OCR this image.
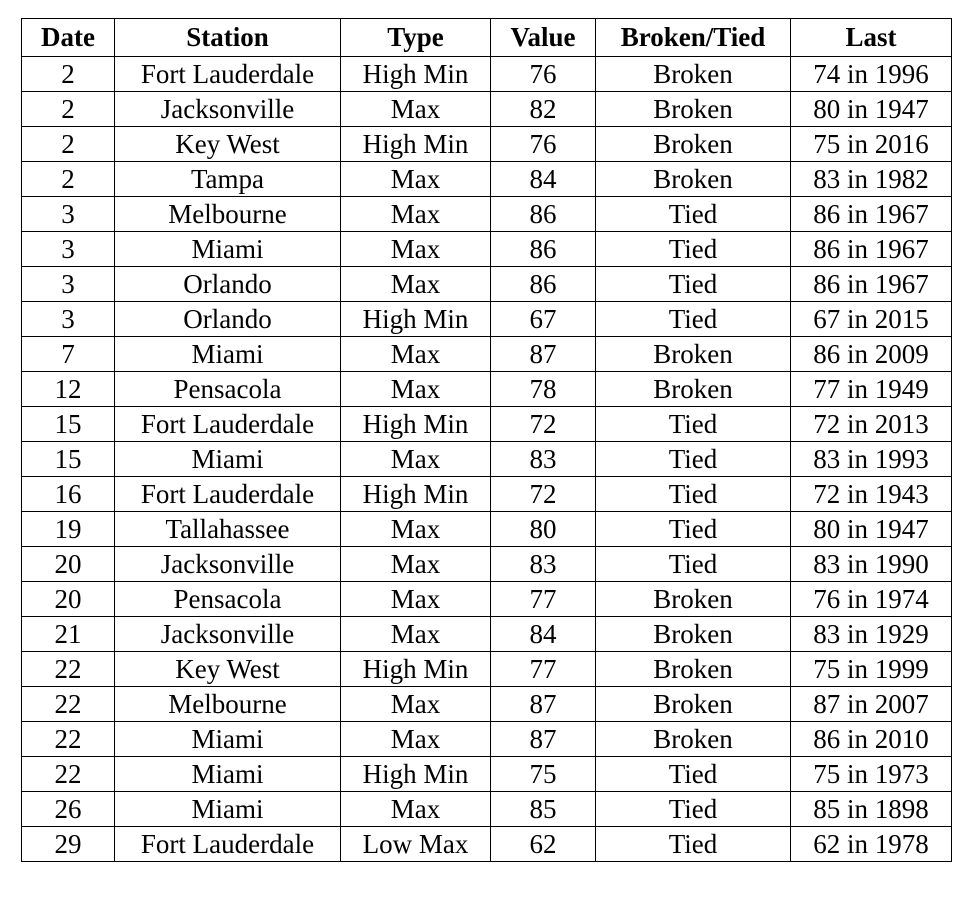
Date	Station	Type	Value	Broken/Tied	Last
2	Fort Lauderdale	High Min	76	Broken	74 in 1996
2	Jacksonville	Max	82	Broken	80 in 1947
2	Key West	High Min	76	Broken	75 in 2016
2	Tampa	Max	84	Broken	83 in 1982
3	Melbourne	Max	86	Tied	86 in 1967
3	Miami	Max	86	Tied	86 in 1967
3	Orlando	Max	86	Tied	86 in 1967
3	Orlando	High Min	67	Tied	67 in 2015
7	Miami	Max	87	Broken	86 in 2009
12	Pensacola	Max	78	Broken	77 in 1949
15	Fort Lauderdale	High Min	72	Tied	72 in 2013
15	Miami	Max	83	Tied	83 in 1993
16	Fort Lauderdale	High Min	72	Tied	72 in 1943
19	Tallahassee	Max	80	Tied	80 in 1947
20	Jacksonville	Max	83	Tied	83 in 1990
20	Pensacola	Max	77	Broken	76 in 1974
21	Jacksonville	Max	84	Broken	83 in 1929
22	Key West	High Min	77	Broken	75 in 1999
22	Melbourne	Max	87	Broken	87 in 2007
22	Miami	Max	87	Broken	86 in 2010
22	Miami	High Min	75	Tied	75 in 1973
26	Miami	Max	85	Tied	85 in 1898
29	Fort Lauderdale	Low Max	62	Tied	62 in 1978
